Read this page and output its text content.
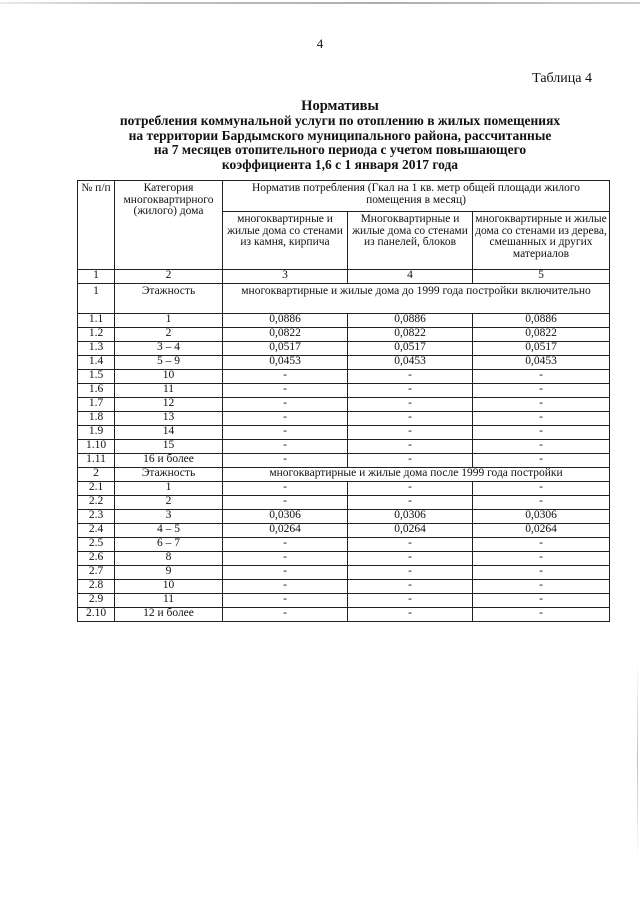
4
Таблица 4
Нормативы
потребления коммунальной услуги по отоплению в жилых помещениях
на территории Бардымского муниципального района, рассчитанные
на 7 месяцев отопительного периода с учетом повышающего
коэффициента 1,6 с 1 января 2017 года
№ п/п	Категория многоквартирного (жилого) дома	Норматив потребления (Гкал на 1 кв. метр общей площади жилого помещения в месяц)		
		многоквартирные и жилые дома со стенами из камня, кирпича	Многоквартирные и жилые дома со стенами из панелей, блоков	многоквартирные и жилые дома со стенами из дерева, смешанных и других материалов
1	2	3	4	5
1	Этажность	многоквартирные и жилые дома до 1999 года постройки включительно		
1.1	1	0,0886	0,0886	0,0886
1.2	2	0,0822	0,0822	0,0822
1.3	3 – 4	0,0517	0,0517	0,0517
1.4	5 – 9	0,0453	0,0453	0,0453
1.5	10	-	-	-
1.6	11	-	-	-
1.7	12	-	-	-
1.8	13	-	-	-
1.9	14	-	-	-
1.10	15	-	-	-
1.11	16 и более	-	-	-
2	Этажность	многоквартирные и жилые дома после 1999 года постройки		
2.1	1	-	-	-
2.2	2	-	-	-
2.3	3	0,0306	0,0306	0,0306
2.4	4 – 5	0,0264	0,0264	0,0264
2.5	6 – 7	-	-	-
2.6	8	-	-	-
2.7	9	-	-	-
2.8	10	-	-	-
2.9	11	-	-	-
2.10	12 и более	-	-	-
